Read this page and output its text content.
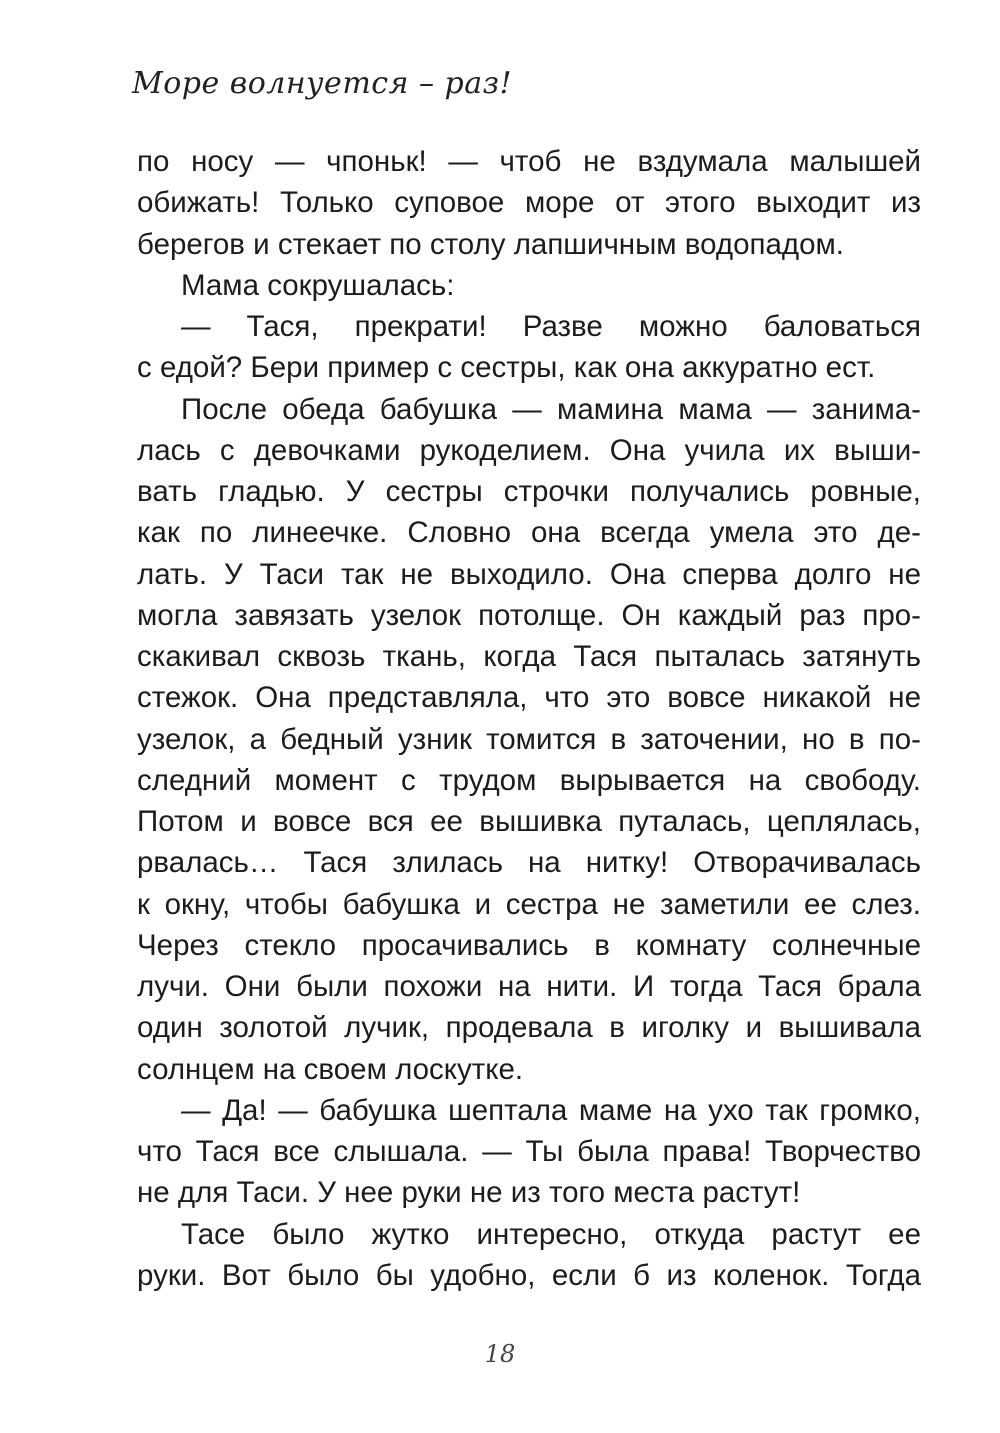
Море волнуется – раз!
по носу — чпоньк! — чтоб не вздумала малышей
обижать! Только суповое море от этого выходит из
берегов и стекает по столу лапшичным водопадом.
Мама сокрушалась:
— Тася, прекрати! Разве можно баловаться
с едой? Бери пример с сестры, как она аккуратно ест.
После обеда бабушка — мамина мама — занима-
лась с девочками рукоделием. Она учила их выши-
вать гладью. У сестры строчки получались ровные,
как по линеечке. Словно она всегда умела это де-
лать. У Таси так не выходило. Она сперва долго не
могла завязать узелок потолще. Он каждый раз про-
скакивал сквозь ткань, когда Тася пыталась затянуть
стежок. Она представляла, что это вовсе никакой не
узелок, а бедный узник томится в заточении, но в по-
следний момент с трудом вырывается на свободу.
Потом и вовсе вся ее вышивка путалась, цеплялась,
рвалась… Тася злилась на нитку! Отворачивалась
к окну, чтобы бабушка и сестра не заметили ее слез.
Через стекло просачивались в комнату солнечные
лучи. Они были похожи на нити. И тогда Тася брала
один золотой лучик, продевала в иголку и вышивала
солнцем на своем лоскутке.
— Да! — бабушка шептала маме на ухо так громко,
что Тася все слышала. — Ты была права! Творчество
не для Таси. У нее руки не из того места растут!
Тасе было жутко интересно, откуда растут ее
руки. Вот было бы удобно, если б из коленок. Тогда
18
